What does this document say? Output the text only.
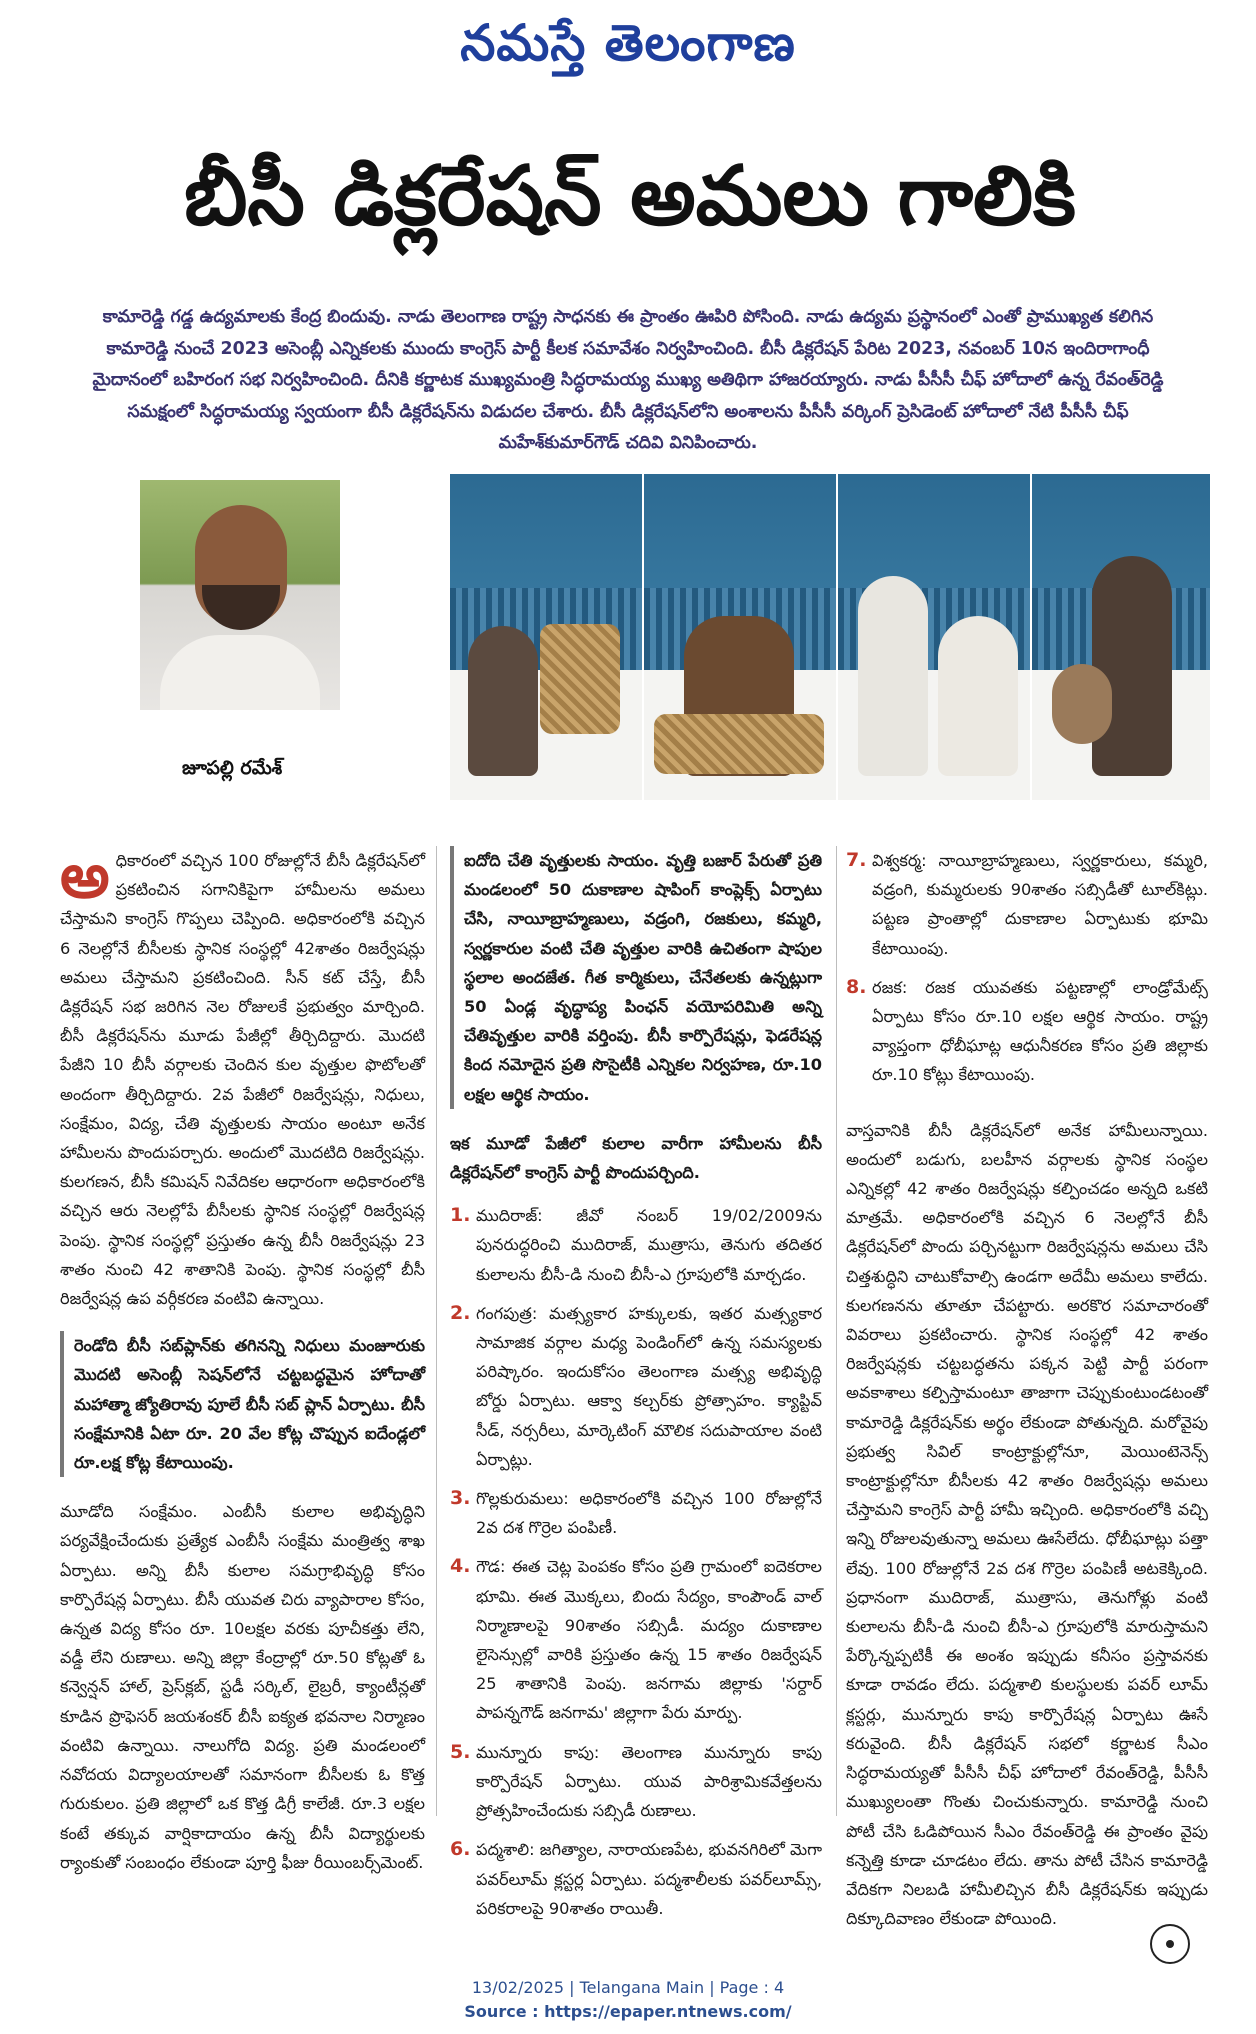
నమస్తే తెలంగాణ
బీసీ డిక్లరేషన్ అమలు గాలికి
కామారెడ్డి గడ్డ ఉద్యమాలకు కేంద్ర బిందువు. నాడు తెలంగాణ రాష్ట్ర సాధనకు ఈ ప్రాంతం ఊపిరి పోసింది. నాడు ఉద్యమ ప్రస్థానంలో ఎంతో ప్రాముఖ్యత కలిగిన కామారెడ్డి నుంచే 2023 అసెంబ్లీ ఎన్నికలకు ముందు కాంగ్రెస్ పార్టీ కీలక సమావేశం నిర్వహించింది. బీసీ డిక్లరేషన్ పేరిట 2023, నవంబర్ 10న ఇందిరాగాంధీ మైదానంలో బహిరంగ సభ నిర్వహించింది. దీనికి కర్ణాటక ముఖ్యమంత్రి సిద్ధరామయ్య ముఖ్య అతిథిగా హాజరయ్యారు. నాడు పీసీసీ చీఫ్ హోదాలో ఉన్న రేవంత్‌రెడ్డి సమక్షంలో సిద్ధరామయ్య స్వయంగా బీసీ డిక్లరేషన్‌ను విడుదల చేశారు. బీసీ డిక్లరేషన్‌లోని అంశాలను పీసీసీ వర్కింగ్ ప్రెసిడెంట్ హోదాలో నేటి పీసీసీ చీఫ్ మహేశ్‌కుమార్‌గౌడ్ చదివి వినిపించారు.
జూపల్లి రమేశ్

అధికారంలో వచ్చిన 100 రోజుల్లోనే బీసీ డిక్లరేషన్‌లో ప్రకటించిన సగానికిపైగా హామీలను అమలు చేస్తామని కాంగ్రెస్ గొప్పలు చెప్పింది. అధికారంలోకి వచ్చిన 6 నెలల్లోనే బీసీలకు స్థానిక సంస్థల్లో 42శాతం రిజర్వేషన్లు అమలు చేస్తామని ప్రకటించింది. సీన్ కట్ చేస్తే, బీసీ డిక్లరేషన్ సభ జరిగిన నెల రోజులకే ప్రభుత్వం మార్చింది. బీసీ డిక్లరేషన్‌ను మూడు పేజీల్లో తీర్చిదిద్దారు. మొదటి పేజీని 10 బీసీ వర్గాలకు చెందిన కుల వృత్తుల ఫొటోలతో అందంగా తీర్చిదిద్దారు. 2వ పేజీలో రిజర్వేషన్లు, నిధులు, సంక్షేమం, విద్య, చేతి వృత్తులకు సాయం అంటూ అనేక హామీలను పొందుపర్చారు. అందులో మొదటిది రిజర్వేషన్లు. కులగణన, బీసీ కమిషన్ నివేదికల ఆధారంగా అధికారంలోకి వచ్చిన ఆరు నెలల్లోపే బీసీలకు స్థానిక సంస్థల్లో రిజర్వేషన్ల పెంపు. స్థానిక సంస్థల్లో ప్రస్తుతం ఉన్న బీసీ రిజర్వేషన్లు 23 శాతం నుంచి 42 శాతానికి పెంపు. స్థానిక సంస్థల్లో బీసీ రిజర్వేషన్ల ఉప వర్గీకరణ వంటివి ఉన్నాయి.

రెండోది బీసీ సబ్‌ప్లాన్‌కు తగినన్ని నిధులు మంజూరుకు మొదటి అసెంబ్లీ సెషన్‌లోనే చట్టబద్ధమైన హోదాతో మహాత్మా జ్యోతిరావు పూలే బీసీ సబ్ ప్లాన్ ఏర్పాటు. బీసీ సంక్షేమానికి ఏటా రూ. 20 వేల కోట్ల చొప్పున ఐదేండ్లలో రూ.లక్ష కోట్ల కేటాయింపు.

మూడోది సంక్షేమం. ఎంబీసీ కులాల అభివృద్ధిని పర్యవేక్షించేందుకు ప్రత్యేక ఎంబీసీ సంక్షేమ మంత్రిత్వ శాఖ ఏర్పాటు. అన్ని బీసీ కులాల సమగ్రాభివృద్ధి కోసం కార్పొరేషన్ల ఏర్పాటు. బీసీ యువత చిరు వ్యాపారాల కోసం, ఉన్నత విద్య కోసం రూ. 10లక్షల వరకు పూచీకత్తు లేని, వడ్డీ లేని రుణాలు. అన్ని జిల్లా కేంద్రాల్లో రూ.50 కోట్లతో ఓ కన్వెన్షన్ హాల్, ప్రెస్‌క్లబ్, స్టడీ సర్కిల్, లైబ్రరీ, క్యాంటీన్లతో కూడిన ప్రొఫెసర్ జయశంకర్ బీసీ ఐక్యత భవనాల నిర్మాణం వంటివి ఉన్నాయి. నాలుగోది విద్య. ప్రతి మండలంలో నవోదయ విద్యాలయాలతో సమానంగా బీసీలకు ఓ కొత్త గురుకులం. ప్రతి జిల్లాలో ఒక కొత్త డిగ్రీ కాలేజీ. రూ.3 లక్షల కంటే తక్కువ వార్షికాదాయం ఉన్న బీసీ విద్యార్థులకు ర్యాంకుతో సంబంధం లేకుండా పూర్తి ఫీజు రీయింబర్స్‌మెంట్.

ఐదోది చేతి వృత్తులకు సాయం. వృత్తి బజార్ పేరుతో ప్రతి మండలంలో 50 దుకాణాల షాపింగ్ కాంప్లెక్స్ ఏర్పాటు చేసి, నాయీబ్రాహ్మణులు, వడ్రంగి, రజకులు, కమ్మరి, స్వర్ణకారుల వంటి చేతి వృత్తుల వారికి ఉచితంగా షాపుల స్థలాల అందజేత. గీత కార్మికులు, చేనేతలకు ఉన్నట్లుగా 50 ఏండ్ల వృద్ధాప్య పింఛన్ వయోపరిమితి అన్ని చేతివృత్తుల వారికి వర్తింపు. బీసీ కార్పొరేషన్లు, ఫెడరేషన్ల కింద నమోదైన ప్రతి సొసైటీకి ఎన్నికల నిర్వహణ, రూ.10 లక్షల ఆర్థిక సాయం.

ఇక మూడో పేజీలో కులాల వారీగా హామీలను బీసీ డిక్లరేషన్‌లో కాంగ్రెస్ పార్టీ పొందుపర్చింది.

1. ముదిరాజ్: జీవో నంబర్ 19/02/2009ను పునరుద్ధరించి ముదిరాజ్, ముత్రాసు, తెనుగు తదితర కులాలను బీసీ-డి నుంచి బీసీ-ఎ గ్రూపులోకి మార్చడం.
2. గంగపుత్ర: మత్స్యకార హక్కులకు, ఇతర మత్స్యకార సామాజిక వర్గాల మధ్య పెండింగ్‌లో ఉన్న సమస్యలకు పరిష్కారం. ఇందుకోసం తెలంగాణ మత్స్య అభివృద్ధి బోర్డు ఏర్పాటు. ఆక్వా కల్చర్‌కు ప్రోత్సాహం. క్యాప్టివ్ సీడ్, నర్సరీలు, మార్కెటింగ్ మౌలిక సదుపాయాల వంటి ఏర్పాట్లు.
3. గొల్లకురుమలు: అధికారంలోకి వచ్చిన 100 రోజుల్లోనే 2వ దశ గొర్రెల పంపిణీ.
4. గౌడ: ఈత చెట్ల పెంపకం కోసం ప్రతి గ్రామంలో ఐదెకరాల భూమి. ఈత మొక్కలు, బిందు సేద్యం, కాంపౌండ్ వాల్ నిర్మాణాలపై 90శాతం సబ్సిడీ. మద్యం దుకాణాల లైసెన్సుల్లో వారికి ప్రస్తుతం ఉన్న 15 శాతం రిజర్వేషన్ 25 శాతానికి పెంపు. జనగామ జిల్లాకు 'సర్దార్ పాపన్నగౌడ్ జనగామ' జిల్లాగా పేరు మార్పు.
5. మున్నూరు కాపు: తెలంగాణ మున్నూరు కాపు కార్పొరేషన్ ఏర్పాటు. యువ పారిశ్రామికవేత్తలను ప్రోత్సహించేందుకు సబ్సిడీ రుణాలు.
6. పద్మశాలి: జగిత్యాల, నారాయణపేట, భువనగిరిలో మెగా పవర్‌లూమ్ క్లస్టర్ల ఏర్పాటు. పద్మశాలీలకు పవర్‌లూమ్స్, పరికరాలపై 90శాతం రాయితీ.
7. విశ్వకర్మ: నాయీబ్రాహ్మణులు, స్వర్ణకారులు, కమ్మరి, వడ్రంగి, కుమ్మరులకు 90శాతం సబ్సిడీతో టూల్‌కిట్లు. పట్టణ ప్రాంతాల్లో దుకాణాల ఏర్పాటుకు భూమి కేటాయింపు.
8. రజక: రజక యువతకు పట్టణాల్లో లాండ్రోమేట్స్ ఏర్పాటు కోసం రూ.10 లక్షల ఆర్థిక సాయం. రాష్ట్ర వ్యాప్తంగా ధోబీఘాట్ల ఆధునీకరణ కోసం ప్రతి జిల్లాకు రూ.10 కోట్లు కేటాయింపు.

వాస్తవానికి బీసీ డిక్లరేషన్‌లో అనేక హామీలున్నాయి. అందులో బడుగు, బలహీన వర్గాలకు స్థానిక సంస్థల ఎన్నికల్లో 42 శాతం రిజర్వేషన్లు కల్పించడం అన్నది ఒకటి మాత్రమే. అధికారంలోకి వచ్చిన 6 నెలల్లోనే బీసీ డిక్లరేషన్‌లో పొందు పర్చినట్టుగా రిజర్వేషన్లను అమలు చేసి చిత్తశుద్ధిని చాటుకోవాల్సి ఉండగా అదేమీ అమలు కాలేదు. కులగణనను తూతూ చేపట్టారు. అరకొర సమాచారంతో వివరాలు ప్రకటించారు. స్థానిక సంస్థల్లో 42 శాతం రిజర్వేషన్లకు చట్టబద్ధతను పక్కన పెట్టి పార్టీ పరంగా అవకాశాలు కల్పిస్తామంటూ తాజాగా చెప్పుకుంటుండటంతో కామారెడ్డి డిక్లరేషన్‌కు అర్థం లేకుండా పోతున్నది. మరోవైపు ప్రభుత్వ సివిల్ కాంట్రాక్టుల్లోనూ, మెయింటెనెన్స్ కాంట్రాక్టుల్లోనూ బీసీలకు 42 శాతం రిజర్వేషన్లు అమలు చేస్తామని కాంగ్రెస్ పార్టీ హామీ ఇచ్చింది. అధికారంలోకి వచ్చి ఇన్ని రోజులవుతున్నా అమలు ఊసేలేదు. ధోబీఘాట్లు పత్తా లేవు. 100 రోజుల్లోనే 2వ దశ గొర్రెల పంపిణీ అటకెక్కింది. ప్రధానంగా ముదిరాజ్, ముత్రాసు, తెనుగోళ్లు వంటి కులాలను బీసీ-డి నుంచి బీసీ-ఎ గ్రూపులోకి మారుస్తామని పేర్కొన్నప్పటికీ ఈ అంశం ఇప్పుడు కనీసం ప్రస్తావనకు కూడా రావడం లేదు. పద్మశాలి కులస్థులకు పవర్ లూమ్ క్లస్టర్లు, మున్నూరు కాపు కార్పొరేషన్ల ఏర్పాటు ఊసే కరువైంది. బీసీ డిక్లరేషన్ సభలో కర్ణాటక సీఎం సిద్ధరామయ్యతో పీసీసీ చీఫ్ హోదాలో రేవంత్‌రెడ్డి, పీసీసీ ముఖ్యులంతా గొంతు చించుకున్నారు. కామారెడ్డి నుంచి పోటీ చేసి ఓడిపోయిన సీఎం రేవంత్‌రెడ్డి ఈ ప్రాంతం వైపు కన్నెత్తి కూడా చూడటం లేదు. తాను పోటీ చేసిన కామారెడ్డి వేదికగా నిలబడి హామీలిచ్చిన బీసీ డిక్లరేషన్‌కు ఇప్పుడు దిక్కూదివాణం లేకుండా పోయింది.

13/02/2025 | Telangana Main | Page : 4
Source : https://epaper.ntnews.com/
